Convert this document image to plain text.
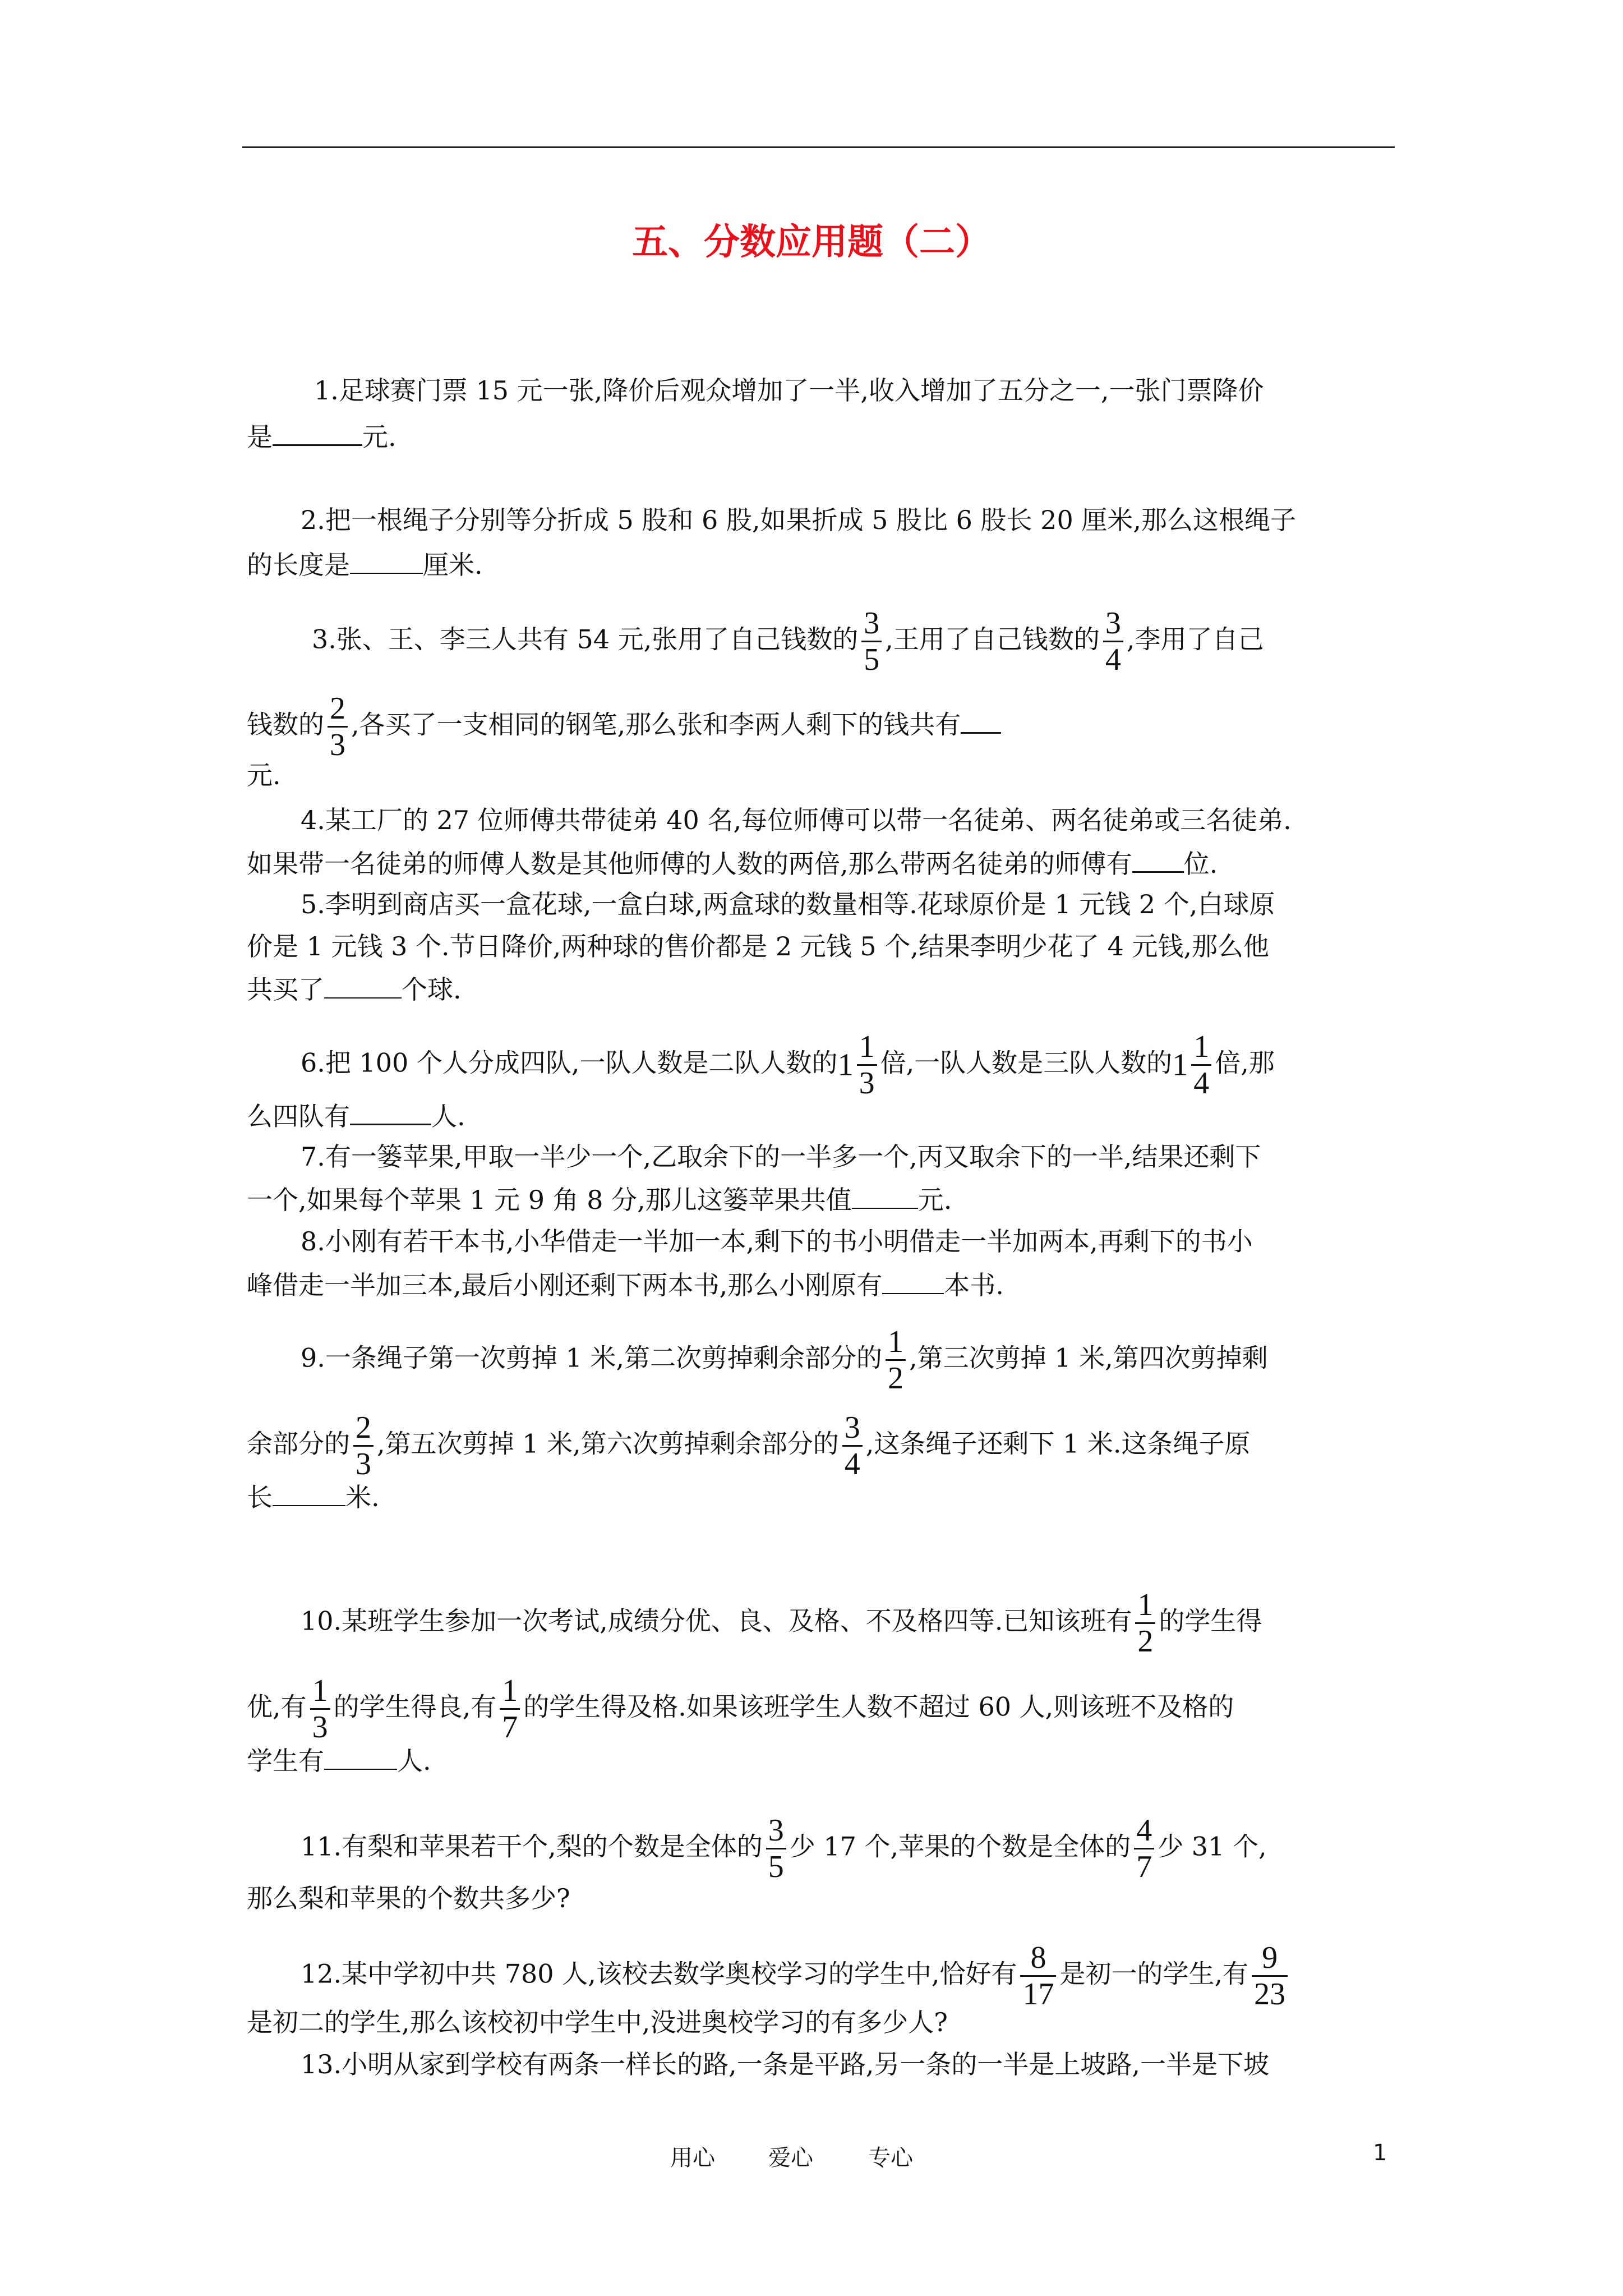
五、分数应用题（二）

1.足球赛门票 15 元一张,降价后观众增加了一半,收入增加了五分之一,一张门票降价

是	元.

2.把一根绳子分别等分折成 5 股和 6 股,如果折成 5 股比 6 股长 20 厘米,那么这根绳子

的长度是	厘米.

3.张、王、李三人共有 54 元,张用了自己钱数的 $\frac{3}{5}$ ,王用了自己钱数的 $\frac{3}{4}$ ,李用了自己

钱数的 $\frac{2}{3}$ ,各买了一支相同的钢笔,那么张和李两人剩下的钱共有

元.

4.某工厂的 27 位师傅共带徒弟 40 名,每位师傅可以带一名徒弟、两名徒弟或三名徒弟.

如果带一名徒弟的师傅人数是其他师傅的人数的两倍,那么带两名徒弟的师傅有 位.

5.李明到商店买一盒花球,一盒白球,两盒球的数量相等.花球原价是 1 元钱 2 个,白球原

价是 1 元钱 3 个.节日降价,两种球的售价都是 2 元钱 5 个,结果李明少花了 4 元钱,那么他

共买了	个球.

6.把 100 个人分成四队,一队人数是二队人数的$1 \frac{1}{3}$ 倍,一队人数是三队人数的$1 \frac{1}{4}$ 倍,那

么四队有	人.

7.有一篓苹果,甲取一半少一个,乙取余下的一半多一个,丙又取余下的一半,结果还剩下

一个,如果每个苹果 1 元 9 角 8 分,那儿这篓苹果共值	元.

8.小刚有若干本书,小华借走一半加一本,剩下的书小明借走一半加两本,再剩下的书小

峰借走一半加三本,最后小刚还剩下两本书,那么小刚原有 本书.

9.一条绳子第一次剪掉 1 米,第二次剪掉剩余部分的 $\frac{1}{2}$ ,第三次剪掉 1 米,第四次剪掉剩

余部分的 $\frac{2}{3}$ ,第五次剪掉 1 米,第六次剪掉剩余部分的 $\frac{3}{4}$ ,这条绳子还剩下 1 米.这条绳子原

长	米.

10.某班学生参加一次考试,成绩分优、良、及格、不及格四等.已知该班有 $\frac{1}{2}$ 的学生得

优,有 $\frac{1}{3}$ 的学生得良,有 $\frac{1}{7}$ 的学生得及格.如果该班学生人数不超过 60 人,则该班不及格的

学生有	人.

11.有梨和苹果若干个,梨的个数是全体的 $\frac{3}{5}$ 少 17 个,苹果的个数是全体的 $\frac{4}{7}$ 少 31 个,

那么梨和苹果的个数共多少?

12.某中学初中共 780 人,该校去数学奥校学习的学生中,恰好有 $\frac{8}{17}$ 是初一的学生,有 $\frac{9}{23}$

是初二的学生,那么该校初中学生中,没进奥校学习的有多少人?

13.小明从家到学校有两条一样长的路,一条是平路,另一条的一半是上坡路,一半是下坡

用心 爱心 专心	1
